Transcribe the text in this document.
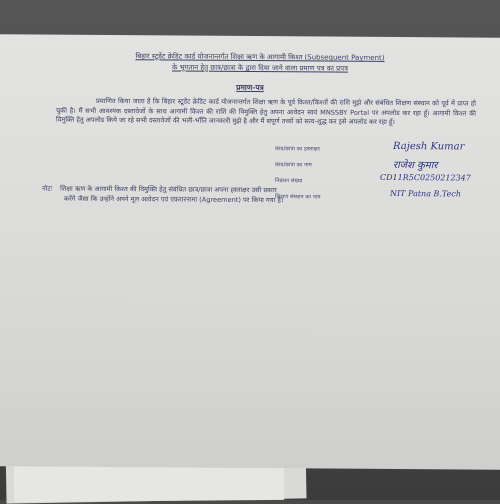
बिहार स्टूडेंट क्रेडिट कार्ड योजनान्तर्गत शिक्षा ऋण के आगामी किश्त (Subsequent Payment)
के भुगतान हेतु छात्र/छात्रा के द्वारा दिया जाने वाला प्रमाण पत्र का प्रपत्र
प्रमाण-पत्र
प्रमाणित किया जाता है कि बिहार स्टूडेंट क्रेडिट कार्ड योजनान्तर्गत शिक्षा ऋण के पूर्व किश्त/किश्तों की राशि मुझे और संबंधित शिक्षण संस्थान को पूर्व में प्राप्त हो चुकी है। मैं सभी आवश्यक दस्तावेजों के साथ आगामी किश्त की राशि की विमुक्ति हेतु अपना आवेदन स्वयं MNSSBY Portal पर अपलोड कर रहा हूँ। आगामी किश्त की विमुक्ति हेतु अपलोड किये जा रहे सभी दस्तावेजों की भली-भाँति जानकारी मुझे है और मैं संपूर्ण तथ्यों को सत्य-शुद्ध कर इसे अपलोड कर रहा हूँ।
छात्र/छात्रा का हस्ताक्षर	Rajesh Kumar
छात्र/छात्रा का नाम	राजेश कुमार
निबंधन संख्या	CD11R5C0250212347
शिक्षण संस्थान का नाम	NIT Patna B.Tech
नोटः शिक्षा ऋण के आगामी किश्त की विमुक्ति हेतु संबंधित छात्र/छात्रा अपना हस्ताक्षर उसी प्रकार
करेंगे जैसा कि उन्होंने अपने मूल आवेदन एवं एकरारनामा (Agreement) पर किया गया है।
